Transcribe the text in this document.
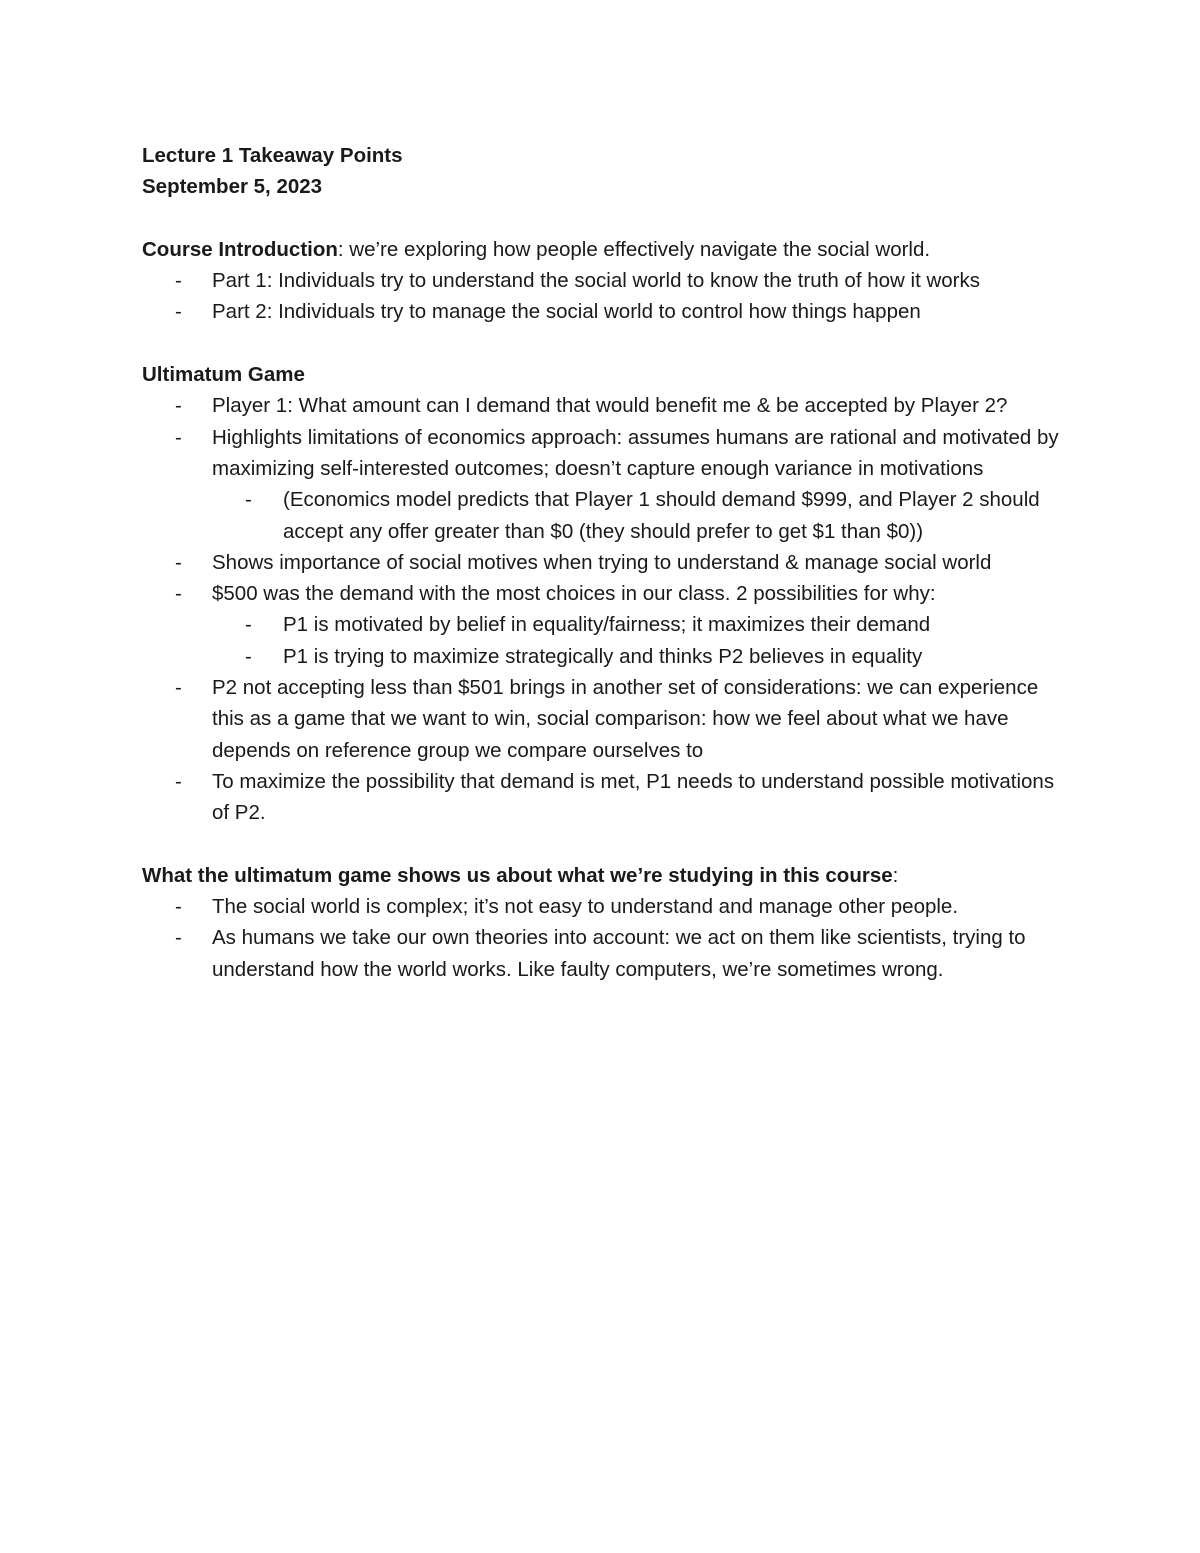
Lecture 1 Takeaway Points
September 5, 2023
Course Introduction: we’re exploring how people effectively navigate the social world.
- Part 1: Individuals try to understand the social world to know the truth of how it works
- Part 2: Individuals try to manage the social world to control how things happen
Ultimatum Game
- Player 1: What amount can I demand that would benefit me & be accepted by Player 2?
- Highlights limitations of economics approach: assumes humans are rational and motivated by maximizing self-interested outcomes; doesn’t capture enough variance in motivations
- (Economics model predicts that Player 1 should demand $999, and Player 2 should accept any offer greater than $0 (they should prefer to get $1 than $0))
- Shows importance of social motives when trying to understand & manage social world
- $500 was the demand with the most choices in our class. 2 possibilities for why:
- P1 is motivated by belief in equality/fairness; it maximizes their demand
- P1 is trying to maximize strategically and thinks P2 believes in equality
- P2 not accepting less than $501 brings in another set of considerations: we can experience this as a game that we want to win, social comparison: how we feel about what we have depends on reference group we compare ourselves to
- To maximize the possibility that demand is met, P1 needs to understand possible motivations of P2.
What the ultimatum game shows us about what we’re studying in this course:
- The social world is complex; it’s not easy to understand and manage other people.
- As humans we take our own theories into account: we act on them like scientists, trying to understand how the world works. Like faulty computers, we’re sometimes wrong.
